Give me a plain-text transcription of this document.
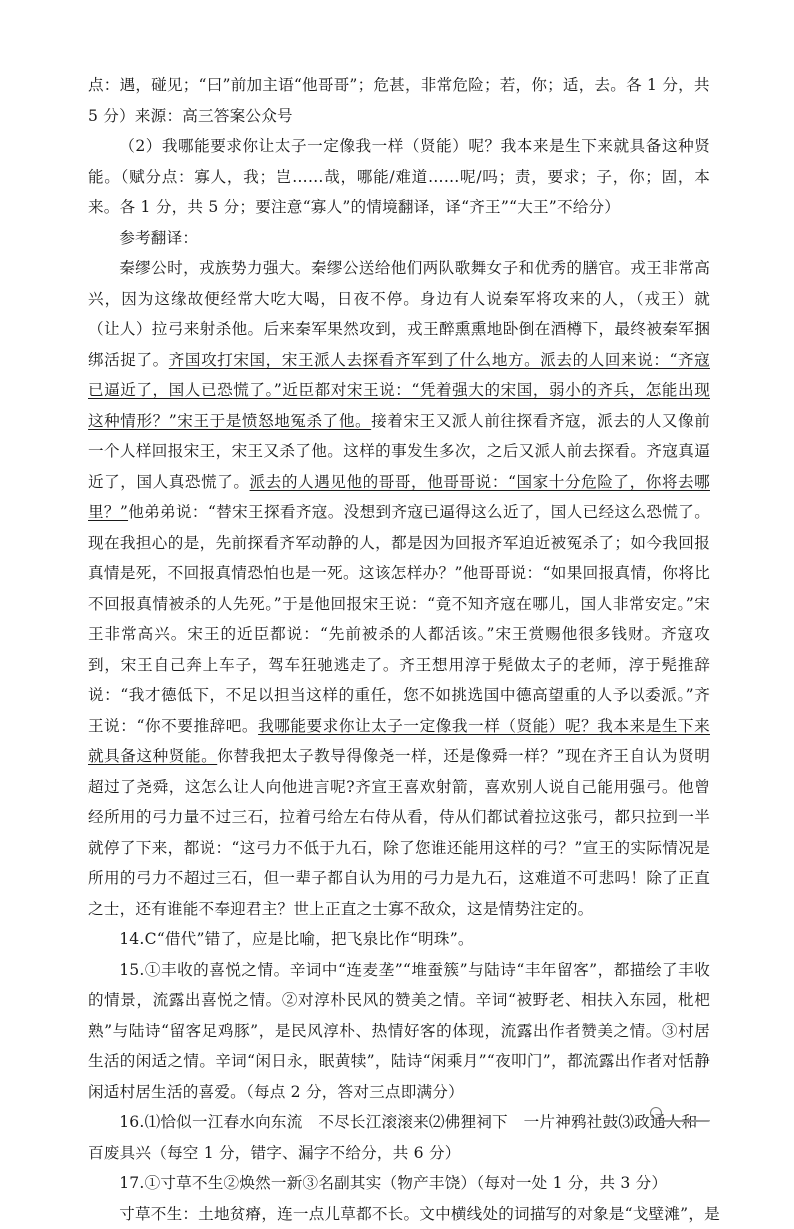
点：遇，碰见；“曰”前加主语“他哥哥”；危甚，非常危险；若，你；适，去。各 1 分，共

5 分）来源：高三答案公众号

（2）我哪能要求你让太子一定像我一样（贤能）呢？我本来是生下来就具备这种贤能。（赋分点：寡人，我；岂……哉，哪能/难道……呢/吗；责，要求；子，你；固，本来。各 1 分，共 5 分；要注意“寡人”的情境翻译，译“齐王”“大王”不给分）

参考翻译：

秦缪公时，戎族势力强大。秦缪公送给他们两队歌舞女子和优秀的膳官。戎王非常高兴，因为这缘故便经常大吃大喝，日夜不停。身边有人说秦军将攻来的人，（戎王）就（让人）拉弓来射杀他。后来秦军果然攻到，戎王醉熏熏地卧倒在酒樽下，最终被秦军捆绑活捉了。齐国攻打宋国，宋王派人去探看齐军到了什么地方。派去的人回来说：“齐寇已逼近了，国人已恐慌了。”近臣都对宋王说：“凭着强大的宋国，弱小的齐兵，怎能出现这种情形？”宋王于是愤怒地冤杀了他。接着宋王又派人前往探看齐寇，派去的人又像前一个人样回报宋王，宋王又杀了他。这样的事发生多次，之后又派人前去探看。齐寇真逼近了，国人真恐慌了。派去的人遇见他的哥哥，他哥哥说：“国家十分危险了，你将去哪里？”他弟弟说：“替宋王探看齐寇。没想到齐寇已逼得这么近了，国人已经这么恐慌了。现在我担心的是，先前探看齐军动静的人，都是因为回报齐军迫近被冤杀了；如今我回报真情是死，不回报真情恐怕也是一死。这该怎样办？”他哥哥说：“如果回报真情，你将比不回报真情被杀的人先死。”于是他回报宋王说：“竟不知齐寇在哪儿，国人非常安定。”宋王非常高兴。宋王的近臣都说：“先前被杀的人都活该。”宋王赏赐他很多钱财。齐寇攻到，宋王自己奔上车子，驾车狂驰逃走了。齐王想用淳于髡做太子的老师，淳于髡推辞说：“我才德低下，不足以担当这样的重任，您不如挑选国中德高望重的人予以委派。”齐王说：“你不要推辞吧。我哪能要求你让太子一定像我一样（贤能）呢？我本来是生下来就具备这种贤能。你替我把太子教导得像尧一样，还是像舜一样？”现在齐王自认为贤明超过了尧舜，这怎么让人向他进言呢?齐宣王喜欢射箭，喜欢别人说自己能用强弓。他曾经所用的弓力量不过三石，拉着弓给左右侍从看，侍从们都试着拉这张弓，都只拉到一半就停了下来，都说：“这弓力不低于九石，除了您谁还能用这样的弓？”宣王的实际情况是所用的弓力不超过三石，但一辈子都自认为用的弓力是九石，这难道不可悲吗！除了正直之士，还有谁能不奉迎君主？世上正直之士寡不敌众，这是情势注定的。

14.C“借代”错了，应是比喻，把飞泉比作“明珠”。

15.①丰收的喜悦之情。辛词中“连麦垄”“堆蚕簇”与陆诗“丰年留客”，都描绘了丰收的情景，流露出喜悦之情。②对淳朴民风的赞美之情。辛词“被野老、相扶入东园，枇杷熟”与陆诗“留客足鸡豚”，是民风淳朴、热情好客的体现，流露出作者赞美之情。③村居生活的闲适之情。辛词“闲日永，眠黄犊”，陆诗“闲乘月”“夜叩门”，都流露出作者对恬静闲适村居生活的喜爱。（每点 2 分，答对三点即满分）

16.⑴恰似一江春水向东流　不尽长江滚滚来⑵佛狸祠下　一片神鸦社鼓⑶政通人和

百废具兴（每空 1 分，错字、漏字不给分，共 6 分）

17.①寸草不生②焕然一新③名副其实（物产丰饶）（每对一处 1 分，共 3 分）

寸草不生：土地贫瘠，连一点儿草都不长。文中横线处的词描写的对象是“戈壁滩”，是
